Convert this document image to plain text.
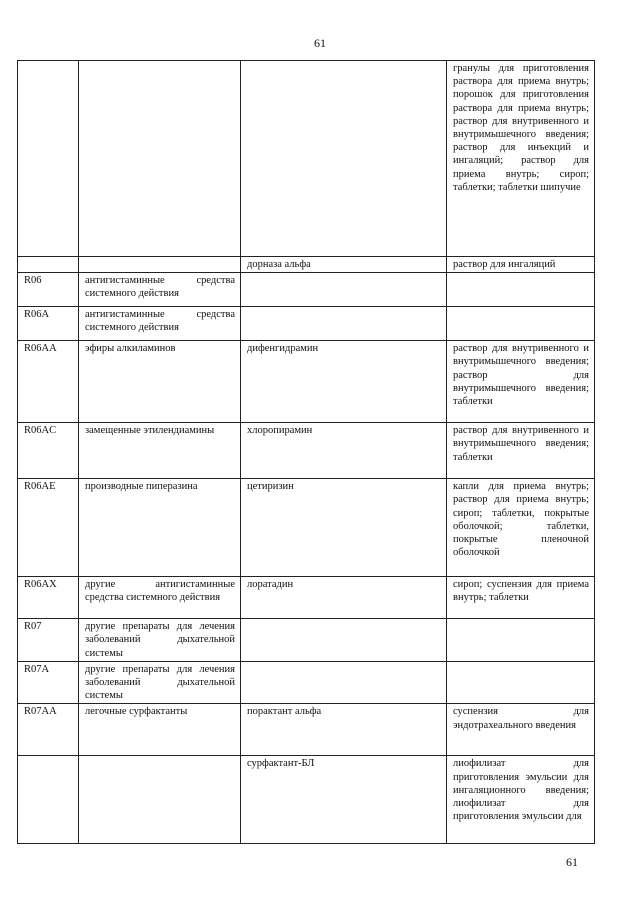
61
			гранулы для приготовления раствора для приема внутрь; порошок для приготовления раствора для приема внутрь; раствор для внутривенного и внутримышечного введения; раствор для инъекций и ингаляций; раствор для приема внутрь; сироп; таблетки; таблетки шипучие
		дорназа альфа	раствор для ингаляций
R06	антигистаминные средства системного действия		
R06A	антигистаминные средства системного действия		
R06AA	эфиры алкиламинов	дифенгидрамин	раствор для внутривенного и внутримышечного введения; раствор для внутримышечного введения; таблетки
R06AC	замещенные этилендиамины	хлоропирамин	раствор для внутривенного и внутримышечного введения; таблетки
R06AE	производные пиперазина	цетиризин	капли для приема внутрь; раствор для приема внутрь; сироп; таблетки, покрытые оболочкой; таблетки, покрытые пленочной оболочкой
R06AX	другие антигистаминные средства системного действия	лоратадин	сироп; суспензия для приема внутрь; таблетки
R07	другие препараты для лечения заболеваний дыхательной системы		
R07A	другие препараты для лечения заболеваний дыхательной системы		
R07AA	легочные сурфактанты	порактант альфа	суспензия для эндотрахеального введения
		сурфактант-БЛ	лиофилизат для приготовления эмульсии для ингаляционного введения; лиофилизат для приготовления эмульсии для
61
